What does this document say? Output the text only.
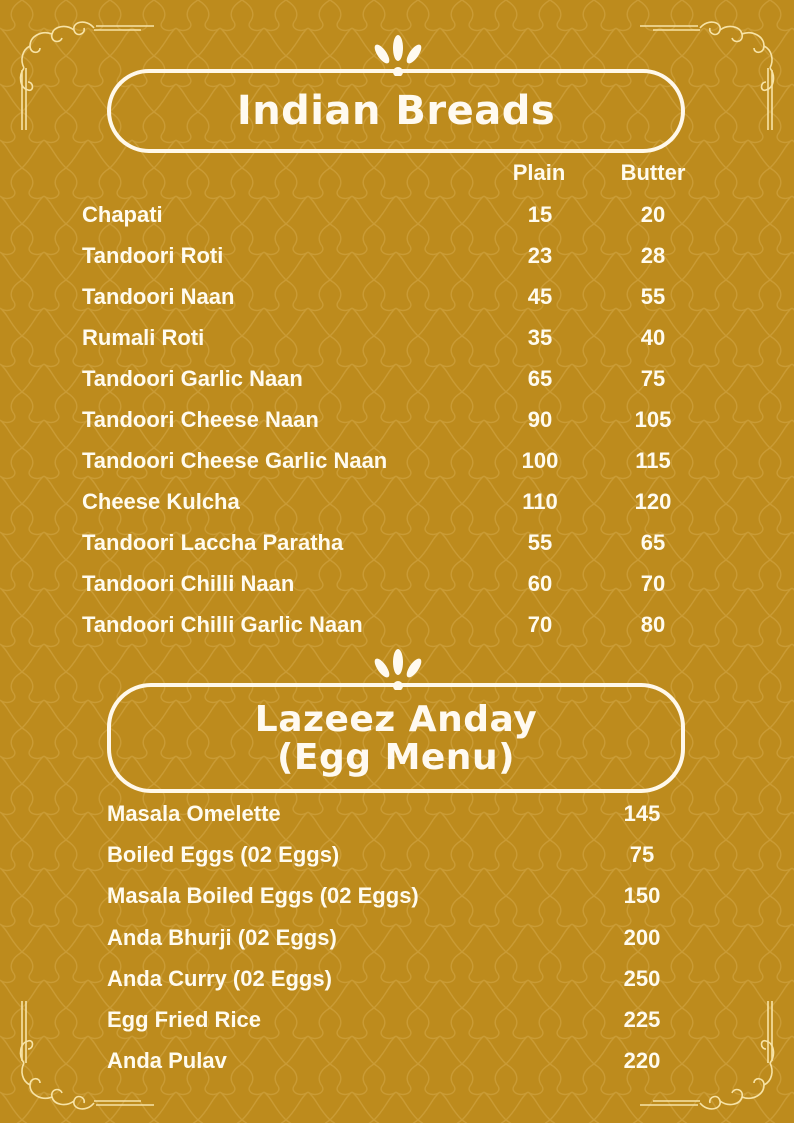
Indian Breads
Plain	Butter
Chapati	15	20
Tandoori Roti	23	28
Tandoori Naan	45	55
Rumali Roti	35	40
Tandoori Garlic Naan	65	75
Tandoori Cheese Naan	90	105
Tandoori Cheese Garlic Naan	100	115
Cheese Kulcha	110	120
Tandoori Laccha Paratha	55	65
Tandoori Chilli Naan	60	70
Tandoori Chilli Garlic Naan	70	80
Lazeez Anday
(Egg Menu)
Masala Omelette	145
Boiled Eggs (02 Eggs)	75
Masala Boiled Eggs (02 Eggs)	150
Anda Bhurji (02 Eggs)	200
Anda Curry (02 Eggs)	250
Egg Fried Rice	225
Anda Pulav	220
